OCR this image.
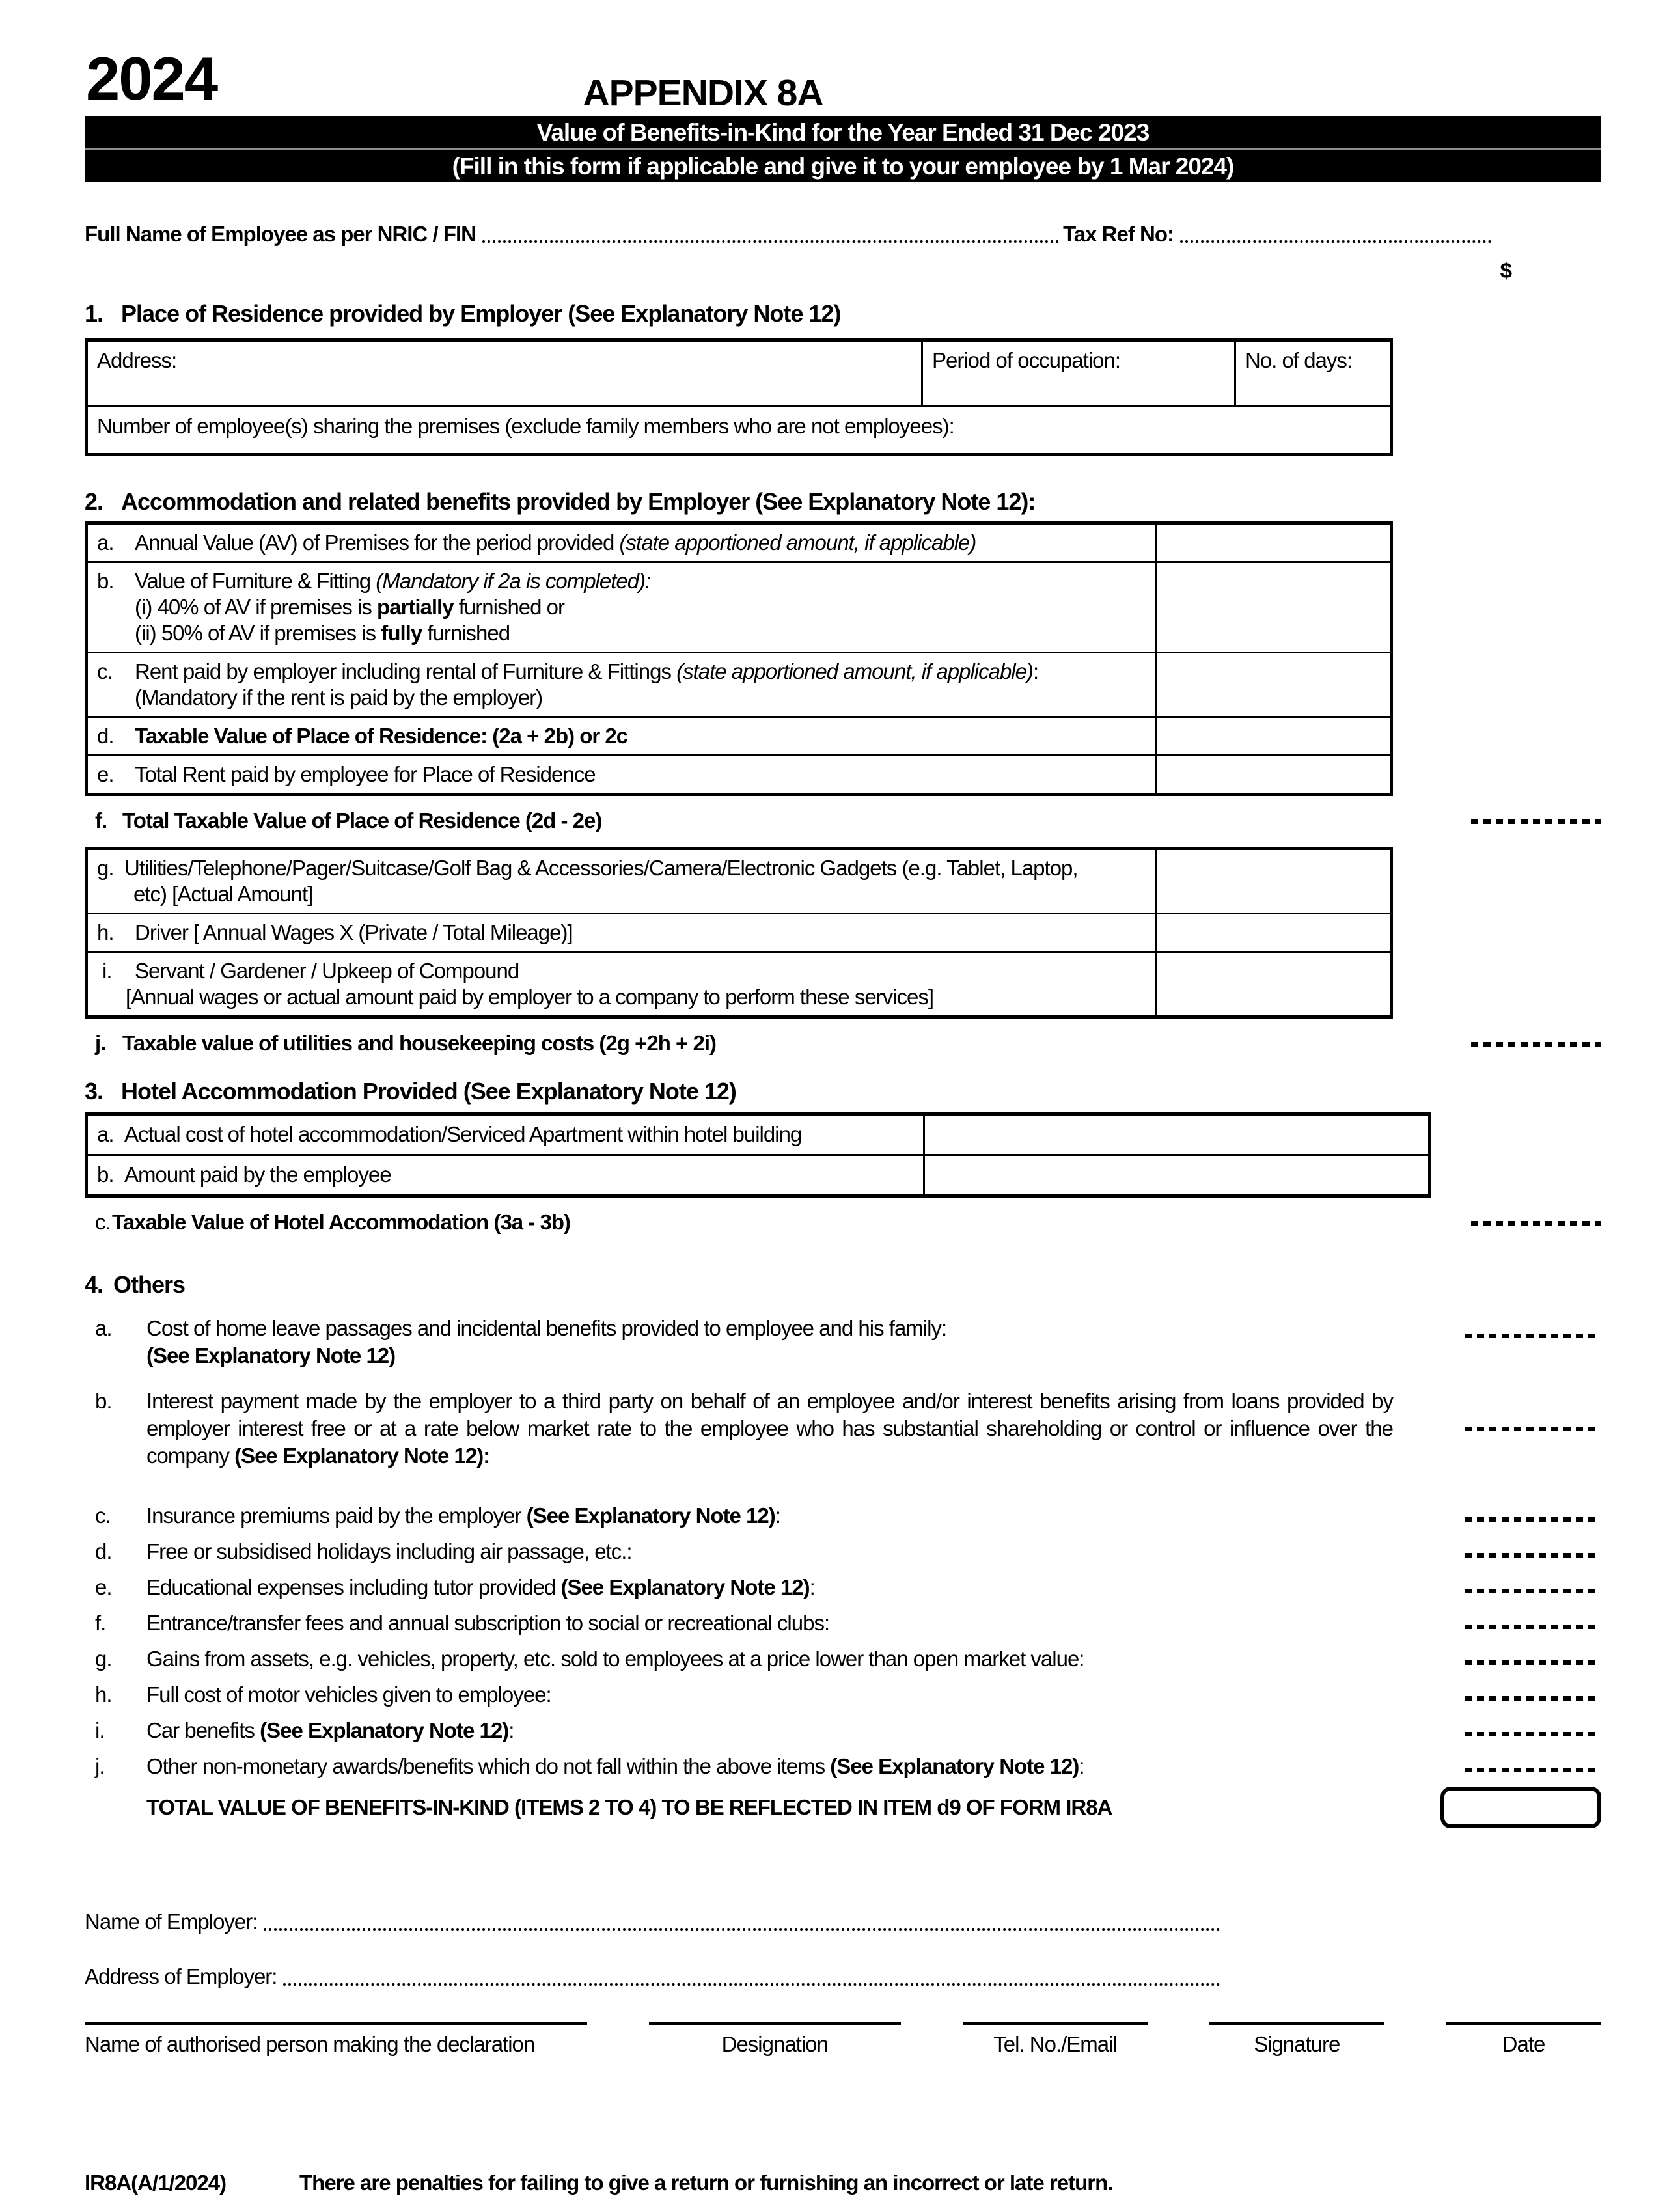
2024	APPENDIX 8A
Value of Benefits-in-Kind for the Year Ended 31 Dec 2023
(Fill in this form if applicable and give it to your employee by 1 Mar 2024)
Full Name of Employee as per NRIC / FIN	Tax Ref No:
$
1. Place of Residence provided by Employer (See Explanatory Note 12)
Address:	Period of occupation:	No. of days:
Number of employee(s) sharing the premises (exclude family members who are not employees):
2. Accommodation and related benefits provided by Employer (See Explanatory Note 12):
a. Annual Value (AV) of Premises for the period provided (state apportioned amount, if applicable)	

b. Value of Furniture & Fitting (Mandatory if 2a is completed):
(i) 40% of AV if premises is partially furnished or
(ii) 50% of AV if premises is fully furnished	

c. Rent paid by employer including rental of Furniture & Fittings (state apportioned amount, if applicable):
(Mandatory if the rent is paid by the employer)	

d. Taxable Value of Place of Residence: (2a + 2b) or 2c	

e. Total Rent paid by employee for Place of Residence	

f. Total Taxable Value of Place of Residence (2d - 2e)
g. Utilities/Telephone/Pager/Suitcase/Golf Bag & Accessories/Camera/Electronic Gadgets (e.g. Tablet, Laptop,
etc) [Actual Amount]	

h. Driver [ Annual Wages X (Private / Total Mileage)]	

i. Servant / Gardener / Upkeep of Compound
[Annual wages or actual amount paid by employer to a company to perform these services]	

j. Taxable value of utilities and housekeeping costs (2g +2h + 2i)
3. Hotel Accommodation Provided (See Explanatory Note 12)
a. Actual cost of hotel accommodation/Serviced Apartment within hotel building	

b. Amount paid by the employee	

c. Taxable Value of Hotel Accommodation (3a - 3b)
4. Others
a.	Cost of home leave passages and incidental benefits provided to employee and his family:
(See Explanatory Note 12)
b.	Interest payment made by the employer to a third party on behalf of an employee and/or interest benefits arising from loans provided by employer interest free or at a rate below market rate to the employee who has substantial shareholding or control or influence over the company (See Explanatory Note 12):
c.	Insurance premiums paid by the employer (See Explanatory Note 12):
d.	Free or subsidised holidays including air passage, etc.:
e.	Educational expenses including tutor provided (See Explanatory Note 12):
f.	Entrance/transfer fees and annual subscription to social or recreational clubs:
g.	Gains from assets, e.g. vehicles, property, etc. sold to employees at a price lower than open market value:
h.	Full cost of motor vehicles given to employee:
i.	Car benefits (See Explanatory Note 12):
j.	Other non-monetary awards/benefits which do not fall within the above items (See Explanatory Note 12):
TOTAL VALUE OF BENEFITS-IN-KIND (ITEMS 2 TO 4) TO BE REFLECTED IN ITEM d9 OF FORM IR8A
Name of Employer:
Address of Employer:
Name of authorised person making the declaration	Designation	Tel. No./Email	Signature	Date
IR8A(A/1/2024)	There are penalties for failing to give a return or furnishing an incorrect or late return.
